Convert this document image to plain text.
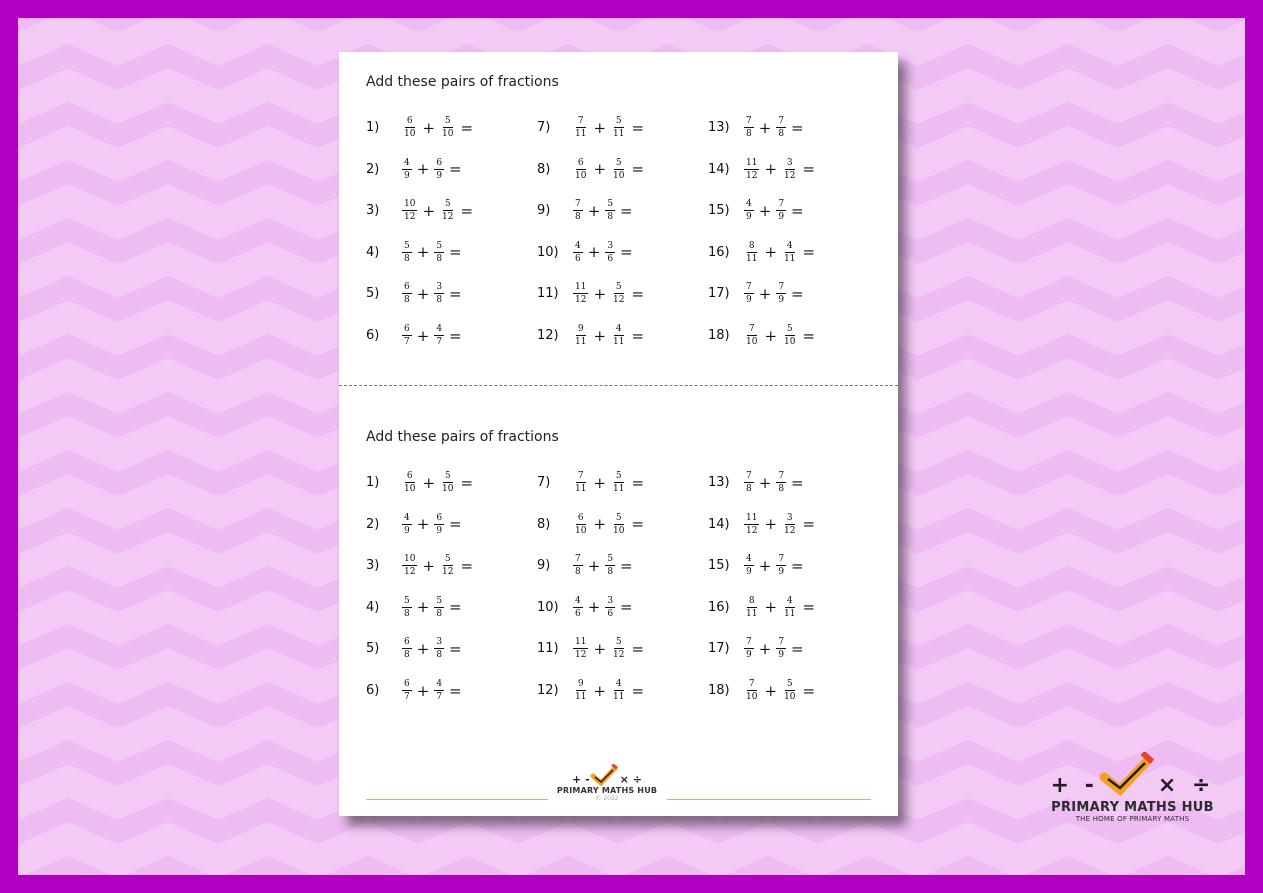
Add these pairs of fractions
1)	$\frac{6}{10} + \frac{5}{10}$ =
2)	$\frac{4}{9} + \frac{6}{9}$ =
3)	$\frac{10}{12} + \frac{5}{12}$ =
4)	$\frac{5}{8} + \frac{5}{8}$ =
5)	$\frac{6}{8} + \frac{3}{8}$ =
6)	$\frac{6}{7} + \frac{4}{7}$ =
7)	$\frac{7}{11} + \frac{5}{11}$ =
8)	$\frac{6}{10} + \frac{5}{10}$ =
9)	$\frac{7}{8} + \frac{5}{8}$ =
10)	$\frac{4}{6} + \frac{3}{6}$ =
11)	$\frac{11}{12} + \frac{5}{12}$ =
12)	$\frac{9}{11} + \frac{4}{11}$ =
13)	$\frac{7}{8} + \frac{7}{8}$ =
14)	$\frac{11}{12} + \frac{3}{12}$ =
15)	$\frac{4}{9} + \frac{7}{9}$ =
16)	$\frac{8}{11} + \frac{4}{11}$ =
17)	$\frac{7}{9} + \frac{7}{9}$ =
18)	$\frac{7}{10} + \frac{5}{10}$ =
Add these pairs of fractions
1)	$\frac{6}{10} + \frac{5}{10}$ =
2)	$\frac{4}{9} + \frac{6}{9}$ =
3)	$\frac{10}{12} + \frac{5}{12}$ =
4)	$\frac{5}{8} + \frac{5}{8}$ =
5)	$\frac{6}{8} + \frac{3}{8}$ =
6)	$\frac{6}{7} + \frac{4}{7}$ =
7)	$\frac{7}{11} + \frac{5}{11}$ =
8)	$\frac{6}{10} + \frac{5}{10}$ =
9)	$\frac{7}{8} + \frac{5}{8}$ =
10)	$\frac{4}{6} + \frac{3}{6}$ =
11)	$\frac{11}{12} + \frac{5}{12}$ =
12)	$\frac{9}{11} + \frac{4}{11}$ =
13)	$\frac{7}{8} + \frac{7}{8}$ =
14)	$\frac{11}{12} + \frac{3}{12}$ =
15)	$\frac{4}{9} + \frac{7}{9}$ =
16)	$\frac{8}{11} + \frac{4}{11}$ =
17)	$\frac{7}{9} + \frac{7}{9}$ =
18)	$\frac{7}{10} + \frac{5}{10}$ =
+ -	× ÷
PRIMARY MATHS HUB
© 2022
+ -	× ÷
PRIMARY MATHS HUB
THE HOME OF PRIMARY MATHS
